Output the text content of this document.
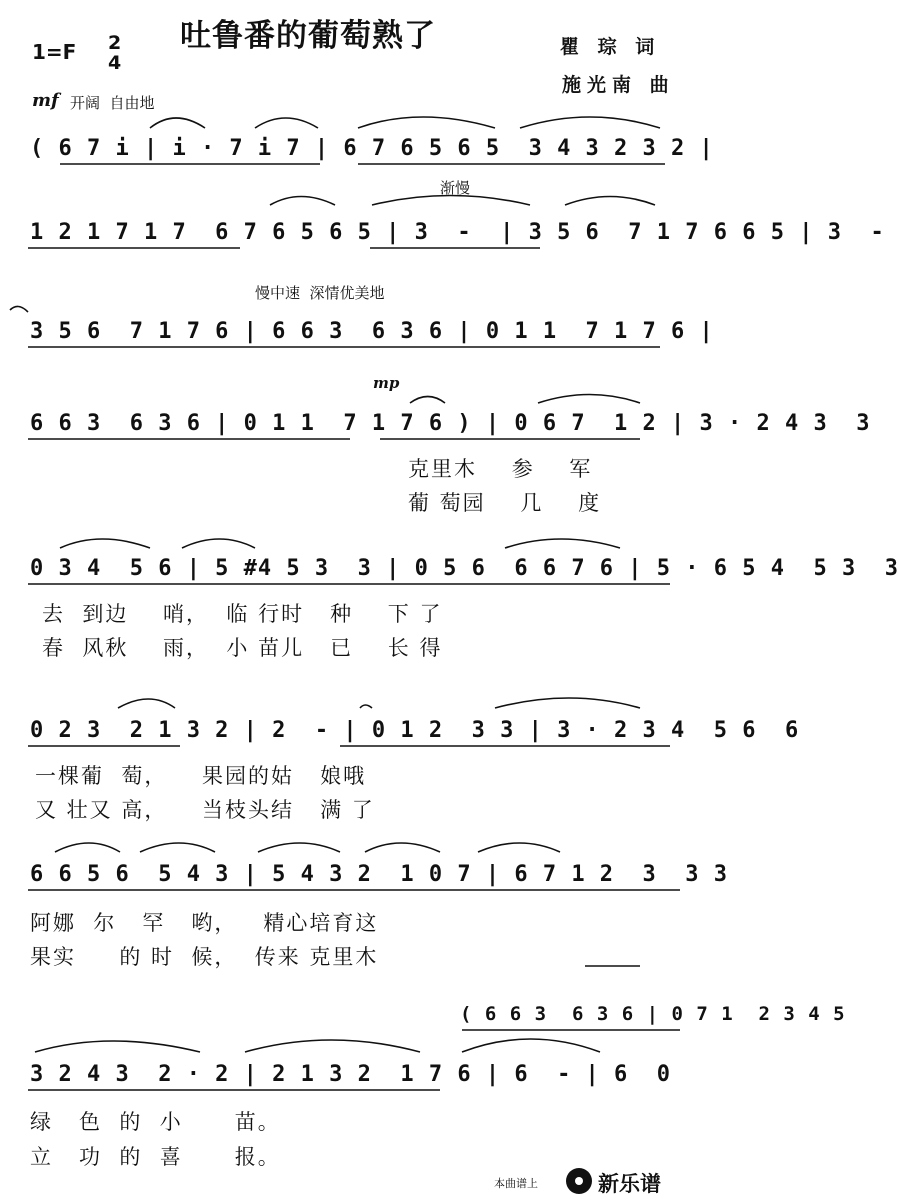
吐鲁番的葡萄熟了	瞿 琮 词
施光南 曲
1=F 2
4
mf 开阔  自由地
渐慢
慢中速  深情优美地
mp
( 6 7 i | i · 7 i 7 | 6 7 6 5 6 5  3 4 3 2 3 2 |
1 2 1 7 1 7  6 7 6 5 6 5 | 3  -  | 3 5 6  7 1 7 6 6 5 | 3  -
3 5 6  7 1 7 6 | 6 6 3  6 3 6 | 0 1 1  7 1 7 6 |
6 6 3  6 3 6 | 0 1 1  7 1 7 6 ) | 0 6 7  1 2 | 3 · 2 4 3  3
0 3 4  5 6 | 5 #4 5 3  3 | 0 5 6  6 6 7 6 | 5 · 6 5 4  5 3  3
0 2 3  2 1 3 2 | 2  - | 0 1 2  3 3 | 3 · 2 3 4  5 6  6
6 6 5 6  5 4 3 | 5 4 3 2  1 0 7 | 6 7 1 2  3  3 3
( 6 6 3  6 3 6 | 0 7 1  2 3 4 5
3 2 4 3  2 · 2 | 2 1 3 2  1 7 6 | 6  - | 6  0
克里木    参    军
葡 萄园    几    度
去  到边    哨，  临 行时   种    下 了
春  风秋    雨，  小 苗儿   已    长 得
一棵葡  萄，    果园的姑   娘哦
又 壮又 高，    当枝头结   满 了
阿娜  尔   罕   哟，   精心培育这
果实     的 时  候，  传来 克里木
绿   色  的  小      苗。
立   功  的  喜      报。
本曲谱上	新乐谱
